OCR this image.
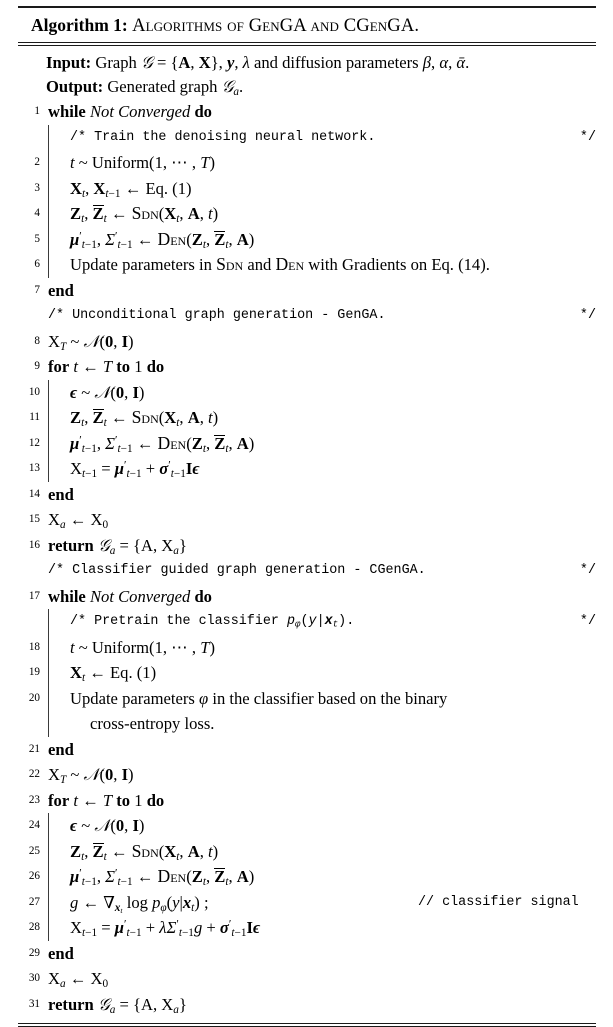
Algorithm 1: Algorithms of GenGA and CGenGA.
Input: Graph 𝒢 = {A, X}, y, λ and diffusion parameters β, α, ᾱ.
Output: Generated graph 𝒢$_a$.
1 while Not Converged do
/* Train the denoising neural network.	*/
2	t ~ Uniform(1, ⋯ , T)
3	$X_t$, $X_{t-1}$ ← Eq. (1)
4	$Z_t$, $Z_t$ ← $Sdn(X_t$, A, t)
5	$\mu'_{t-1}$, $\Sigma'_{t-1}$ ← $Den(Z_t$, $Z_t$, A)
6	Update parameters in Sdn and Den with Gradients on Eq. (14).
7 end
/* Unconditional graph generation - GenGA.	*/
8 $X_T$ ~ 𝒩(0, I)
9 for t ← T to 1 do
10	ϵ ~ 𝒩(0, I)
11	$Z_t$, $Z_t$ ← $Sdn(X_t$, A, t)
12	$\mu'_{t-1}$, $\Sigma'_{t-1}$ ← $Den(Z_t$, $Z_t$, A)
13	$X_{t-1} = \mu'_{t-1} + \sigma'_{t-1}I\epsilon$
14 end
15 $X_a$ ← $X_0$
16 return 𝒢$_a$ = {A, $X_a$}
/* Classifier guided graph generation - CGenGA.	*/
17 while Not Converged do
/* Pretrain the classifier $p_\varphi(y|x_t)$.	*/
18	t ~ Uniform(1, ⋯ , T)
19	$X_t$ ← Eq. (1)
20	Update parameters φ in the classifier based on the binary
cross-entropy loss.
21 end
22 $X_T$ ~ 𝒩(0, I)
23 for t ← T to 1 do
24	ϵ ~ 𝒩(0, I)
25	$Z_t$, $Z_t$ ← $Sdn(X_t$, A, t)
26	$\mu'_{t-1}$, $\Sigma'_{t-1}$ ← $Den(Z_t$, $Z_t$, A)
27	g ← $\nabla_{x_t}$ $\log p_\varphi(y|x_t)$ ;	// classifier signal
28	$X_{t-1} = \mu'_{t-1} + \lambda\Sigma'_{t-1}g + \sigma'_{t-1}I\epsilon$
29 end
30 $X_a$ ← $X_0$
31 return 𝒢$_a$ = {A, $X_a$}
